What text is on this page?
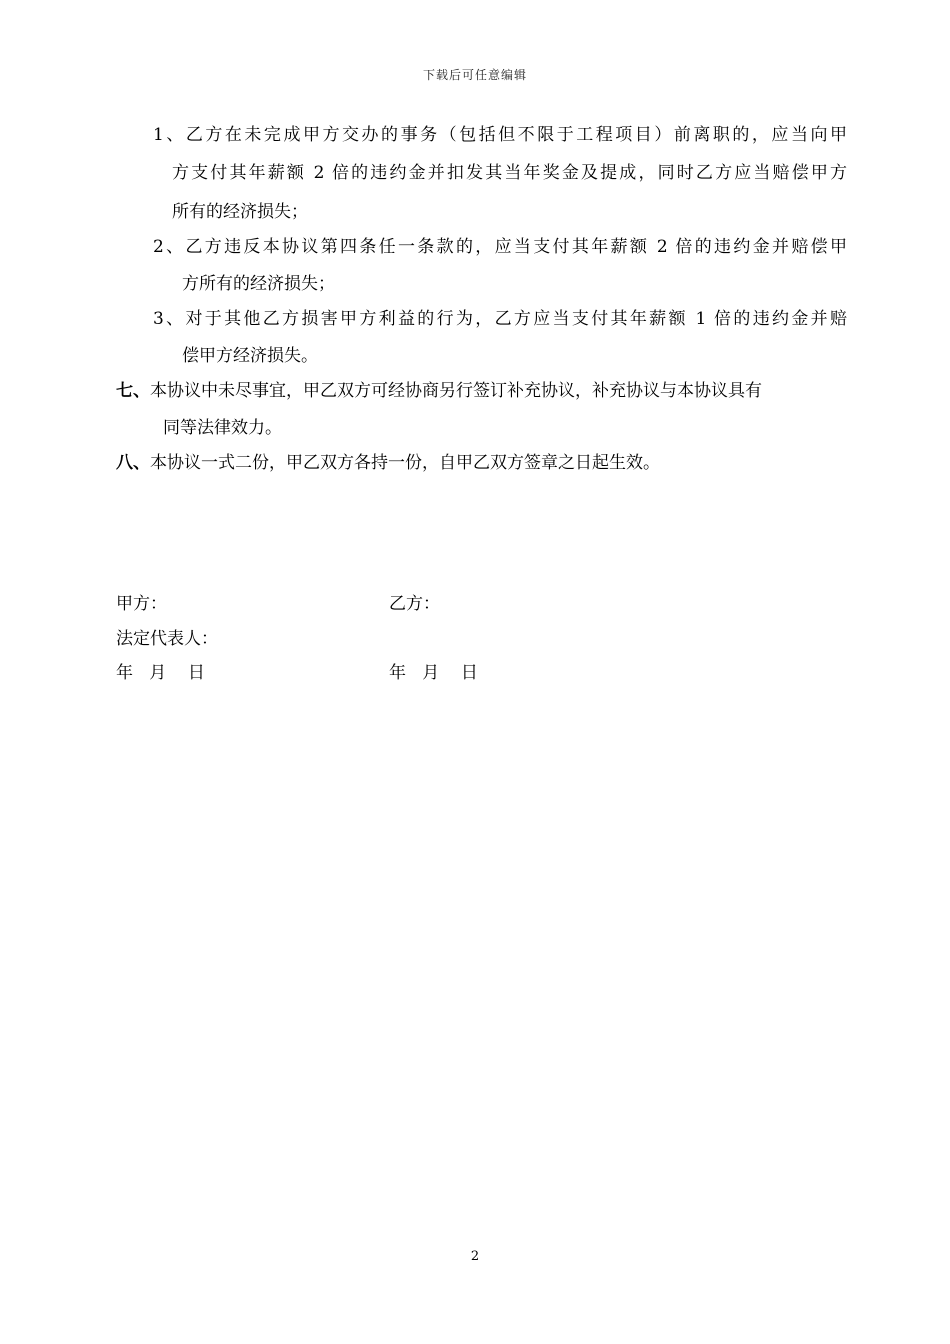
下载后可任意编辑
1、乙方在未完成甲方交办的事务（包括但不限于工程项目）前离职的，应当向甲
方支付其年薪额 2 倍的违约金并扣发其当年奖金及提成，同时乙方应当赔偿甲方
所有的经济损失；
2、乙方违反本协议第四条任一条款的，应当支付其年薪额 2 倍的违约金并赔偿甲
方所有的经济损失；
3、对于其他乙方损害甲方利益的行为，乙方应当支付其年薪额 1 倍的违约金并赔
偿甲方经济损失。
七、本协议中未尽事宜，甲乙双方可经协商另行签订补充协议，补充协议与本协议具有
同等法律效力。
八、本协议一式二份，甲乙双方各持一份，自甲乙双方签章之日起生效。
甲方：	乙方：
法定代表人：
年   月    日	年   月    日
2
